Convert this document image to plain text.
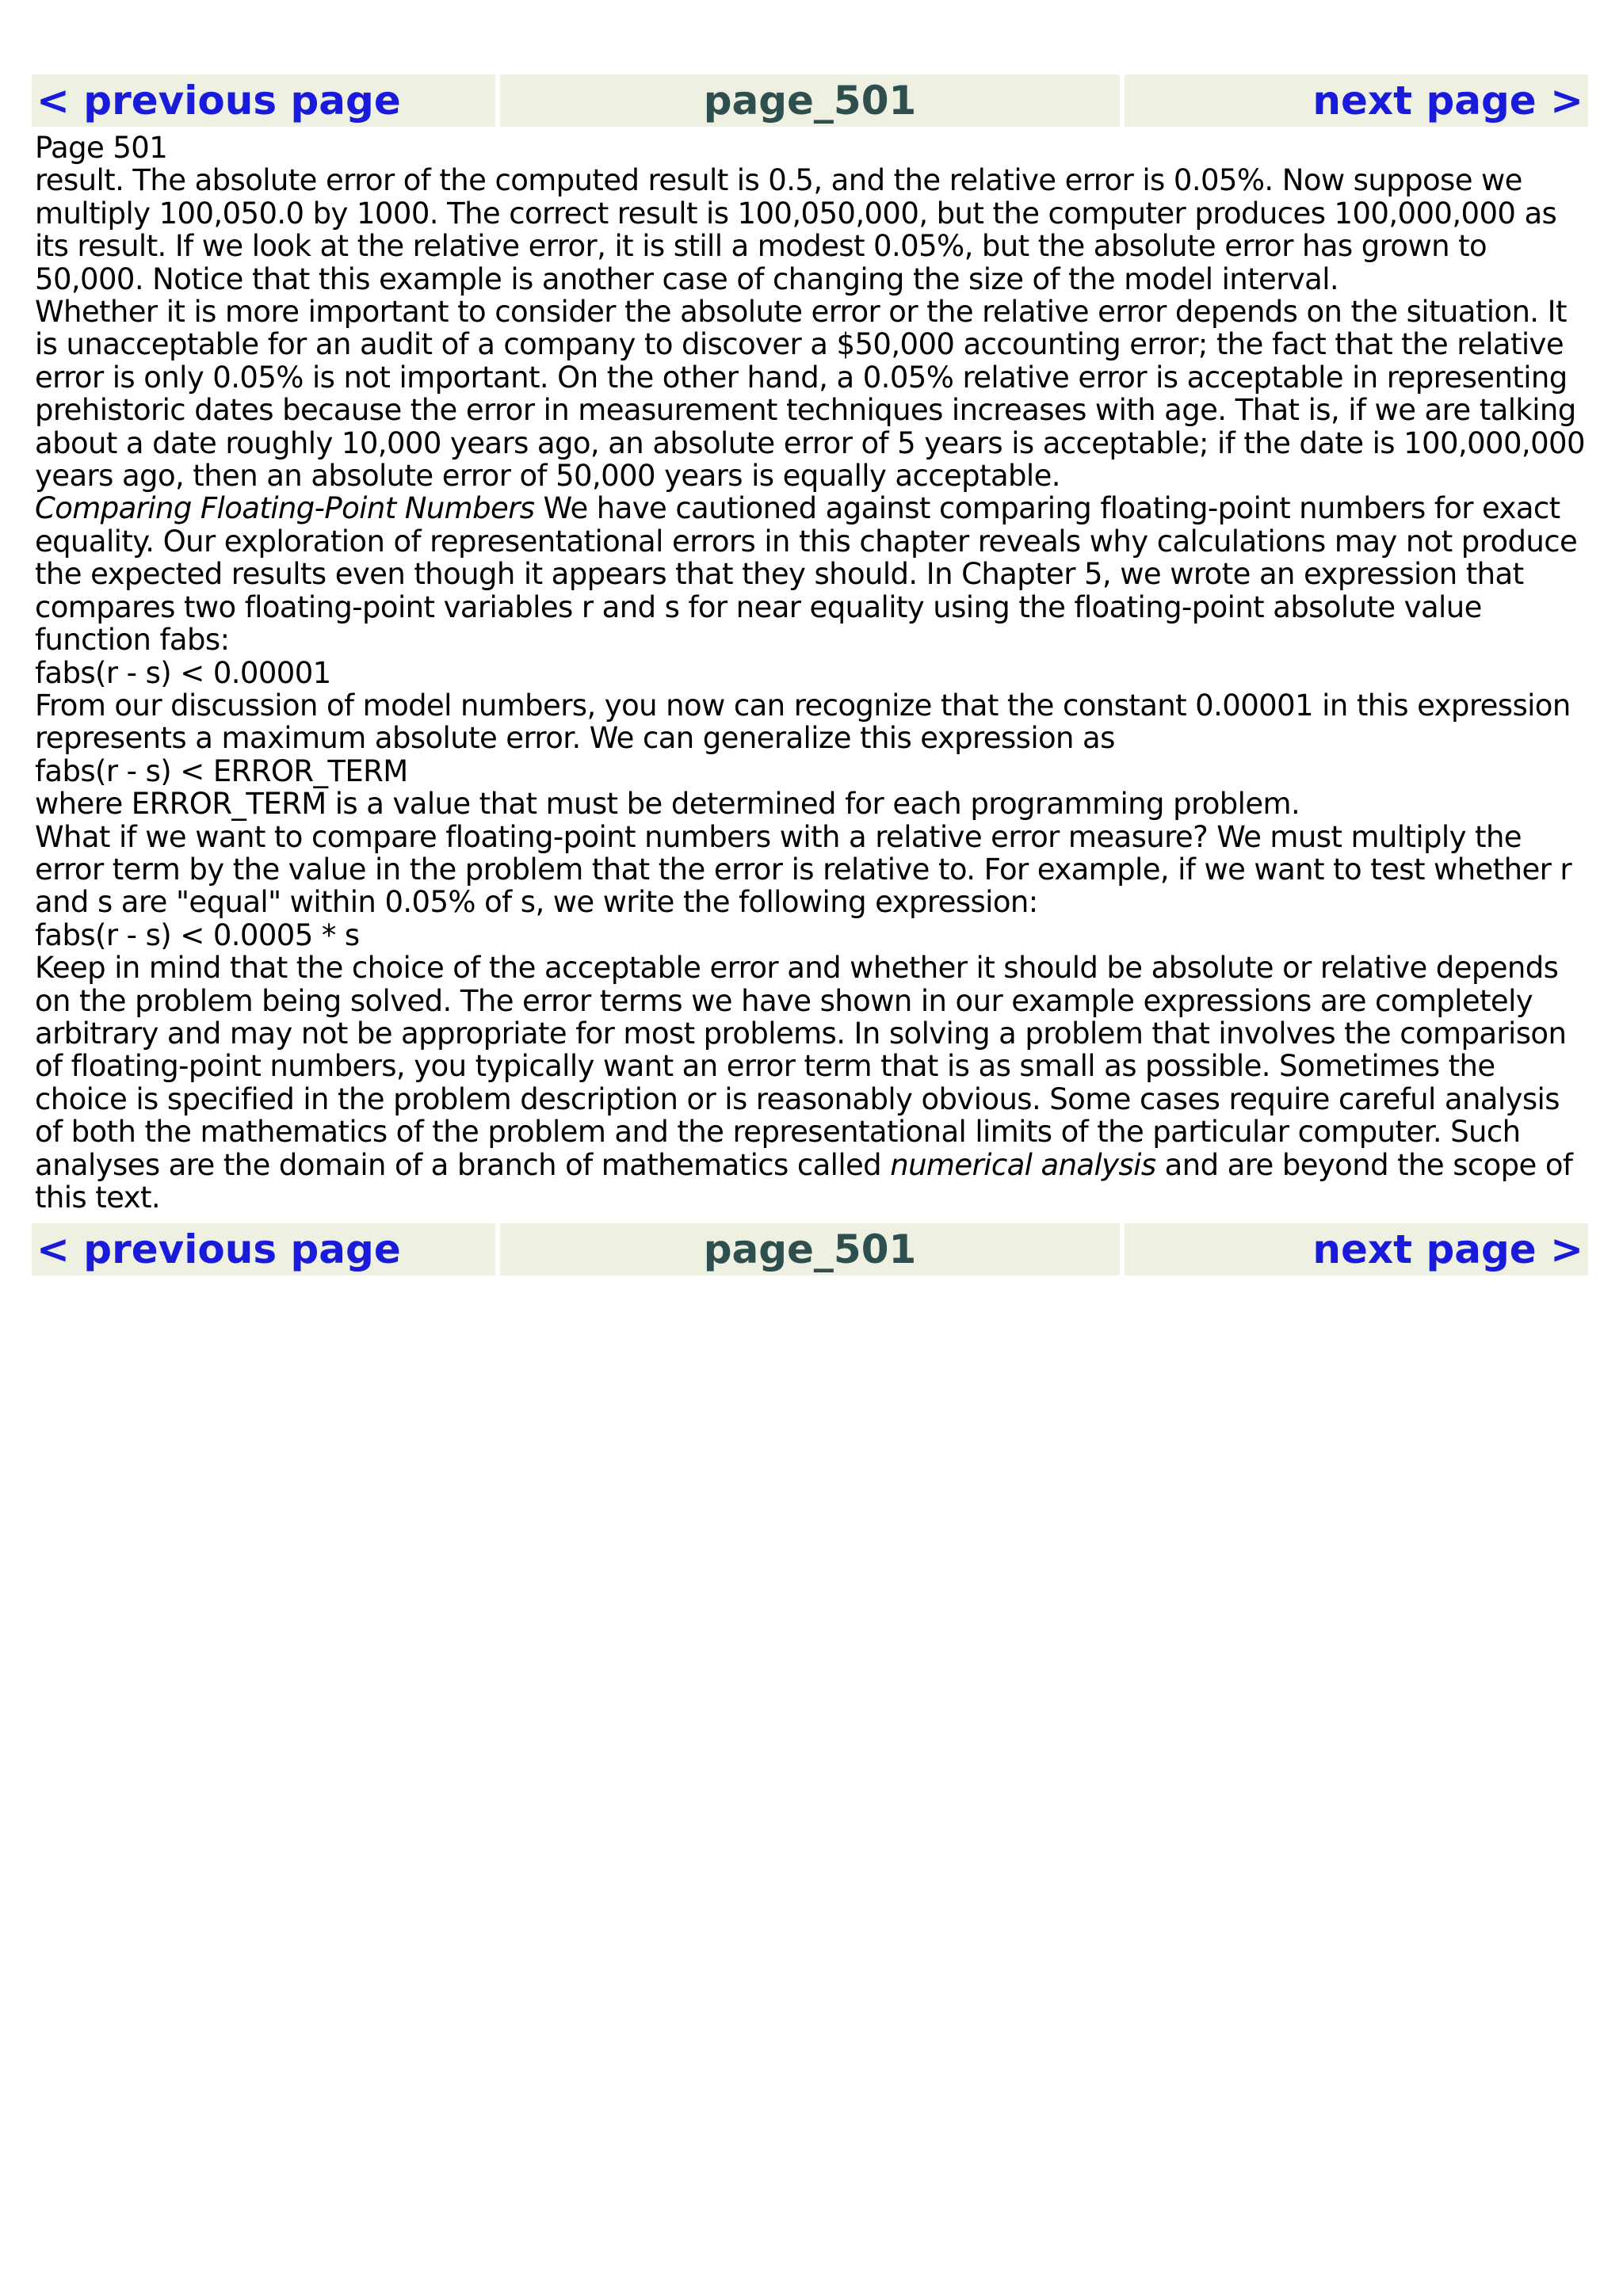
< previous page	page_501	next page >

Page 501

result. The absolute error of the computed result is 0.5, and the relative error is 0.05%. Now suppose we multiply 100,050.0 by 1000. The correct result is 100,050,000, but the computer produces 100,000,000 as its result. If we look at the relative error, it is still a modest 0.05%, but the absolute error has grown to 50,000. Notice that this example is another case of changing the size of the model interval.

Whether it is more important to consider the absolute error or the relative error depends on the situation. It is unacceptable for an audit of a company to discover a $50,000 accounting error; the fact that the relative error is only 0.05% is not important. On the other hand, a 0.05% relative error is acceptable in representing prehistoric dates because the error in measurement techniques increases with age. That is, if we are talking about a date roughly 10,000 years ago, an absolute error of 5 years is acceptable; if the date is 100,000,000 years ago, then an absolute error of 50,000 years is equally acceptable.

Comparing Floating-Point Numbers We have cautioned against comparing floating-point numbers for exact equality. Our exploration of representational errors in this chapter reveals why calculations may not produce the expected results even though it appears that they should. In Chapter 5, we wrote an expression that compares two floating-point variables r and s for near equality using the floating-point absolute value function fabs:

fabs(r - s) < 0.00001

From our discussion of model numbers, you now can recognize that the constant 0.00001 in this expression represents a maximum absolute error. We can generalize this expression as

fabs(r - s) < ERROR_TERM

where ERROR_TERM is a value that must be determined for each programming problem.

What if we want to compare floating-point numbers with a relative error measure? We must multiply the error term by the value in the problem that the error is relative to. For example, if we want to test whether r and s are "equal" within 0.05% of s, we write the following expression:

fabs(r - s) < 0.0005 * s

Keep in mind that the choice of the acceptable error and whether it should be absolute or relative depends on the problem being solved. The error terms we have shown in our example expressions are completely arbitrary and may not be appropriate for most problems. In solving a problem that involves the comparison of floating-point numbers, you typically want an error term that is as small as possible. Sometimes the choice is specified in the problem description or is reasonably obvious. Some cases require careful analysis of both the mathematics of the problem and the representational limits of the particular computer. Such analyses are the domain of a branch of mathematics called numerical analysis and are beyond the scope of this text.

< previous page	page_501	next page >
